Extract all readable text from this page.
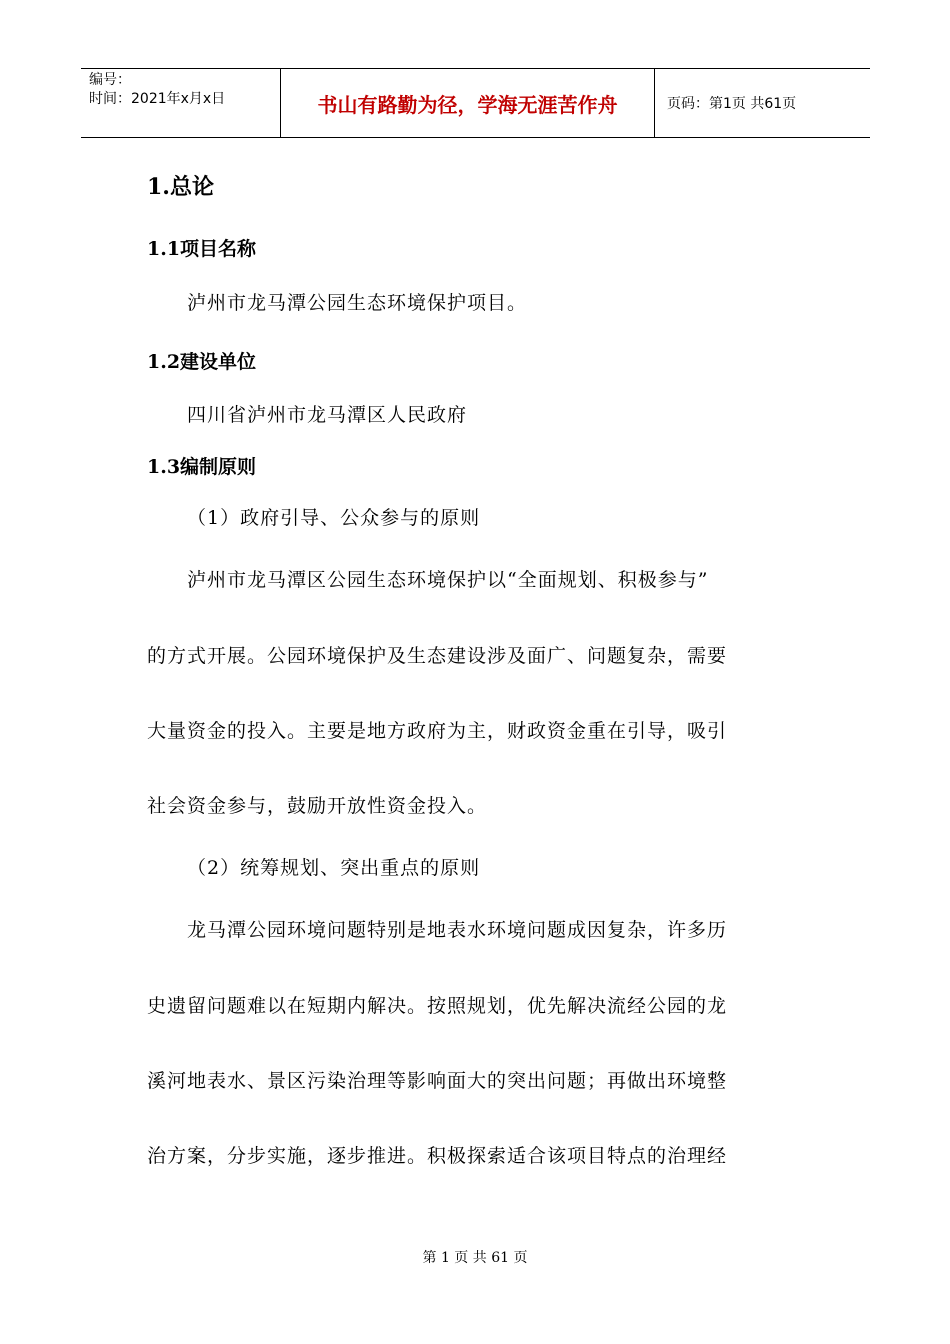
编号：
时间：2021年x月x日	书山有路勤为径，学海无涯苦作舟	页码：第1页 共61页
1.总论
1.1项目名称
泸州市龙马潭公园生态环境保护项目。
1.2建设单位
四川省泸州市龙马潭区人民政府
1.3编制原则
（1）政府引导、公众参与的原则
泸州市龙马潭区公园生态环境保护以“全面规划、积极参与”
的方式开展。公园环境保护及生态建设涉及面广、问题复杂，需要
大量资金的投入。主要是地方政府为主，财政资金重在引导，吸引
社会资金参与，鼓励开放性资金投入。
（2）统筹规划、突出重点的原则
龙马潭公园环境问题特别是地表水环境问题成因复杂，许多历
史遗留问题难以在短期内解决。按照规划，优先解决流经公园的龙
溪河地表水、景区污染治理等影响面大的突出问题；再做出环境整
治方案，分步实施，逐步推进。积极探索适合该项目特点的治理经
第 1 页 共 61 页
